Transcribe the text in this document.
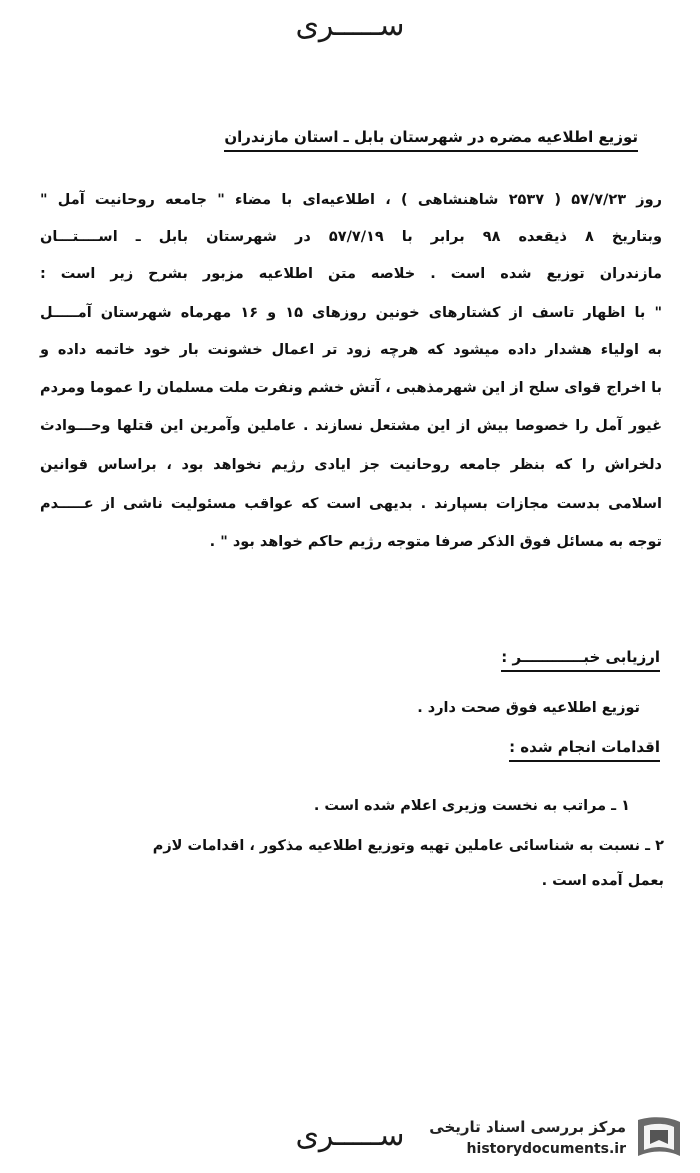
ســـــرى
توزیع اطلاعیه مضره در شهرستان بابل ـ استان مازندران
روز ۵۷/۷/۲۳ ( ۲۵۳۷ شاهنشاهی ) ، اطلاعیه‌ای با مضاء " جامعه روحانیت آمل "
وبتاریخ ۸ ذیقعده ۹۸ برابر با ۵۷/۷/۱۹ در شهرستان بابل ـ اســــتـــان
مازندران توزیع شده است . خلاصه متن اطلاعیه مزبور بشرح زیر است :
" با اظهار تاسف از کشتارهای خونین روزهای ۱۵ و ۱۶ مهرماه شهرستان آمـــــل
به اولیاء هشدار داده میشود که هرچه زود تر اعمال خشونت بار خود خاتمه داده و
با اخراج قوای سلح از این شهرمذهبی ، آتش خشم ونفرت ملت مسلمان را عموما ومردم
غیور آمل را خصوصا بیش از این مشتعل نسازند . عاملین وآمرین این قتلها وحـــوادث
دلخراش را که بنظر جامعه روحانیت جز ایادی رژیم نخواهد بود ، براساس قوانین
اسلامی بدست مجازات بسپارند . بدیهی است که عواقب مسئولیت ناشی از عـــــدم
توجه به مسائل فوق الذکر صرفا متوجه رژیم حاکم خواهد بود " .
ارزیابی خبــــــــــــر :
توزیع اطلاعیه فوق صحت دارد .
اقدامات انجام شده :
۱ ـ مراتب به نخست وزیری اعلام شده است .
۲ ـ نسبت به شناسائی عاملین تهیه وتوزیع اطلاعیه مذکور ، اقدامات لازم
بعمل آمده است .
ســـــرى	مرکز بررسی اسناد تاریخی
historydocuments.ir
